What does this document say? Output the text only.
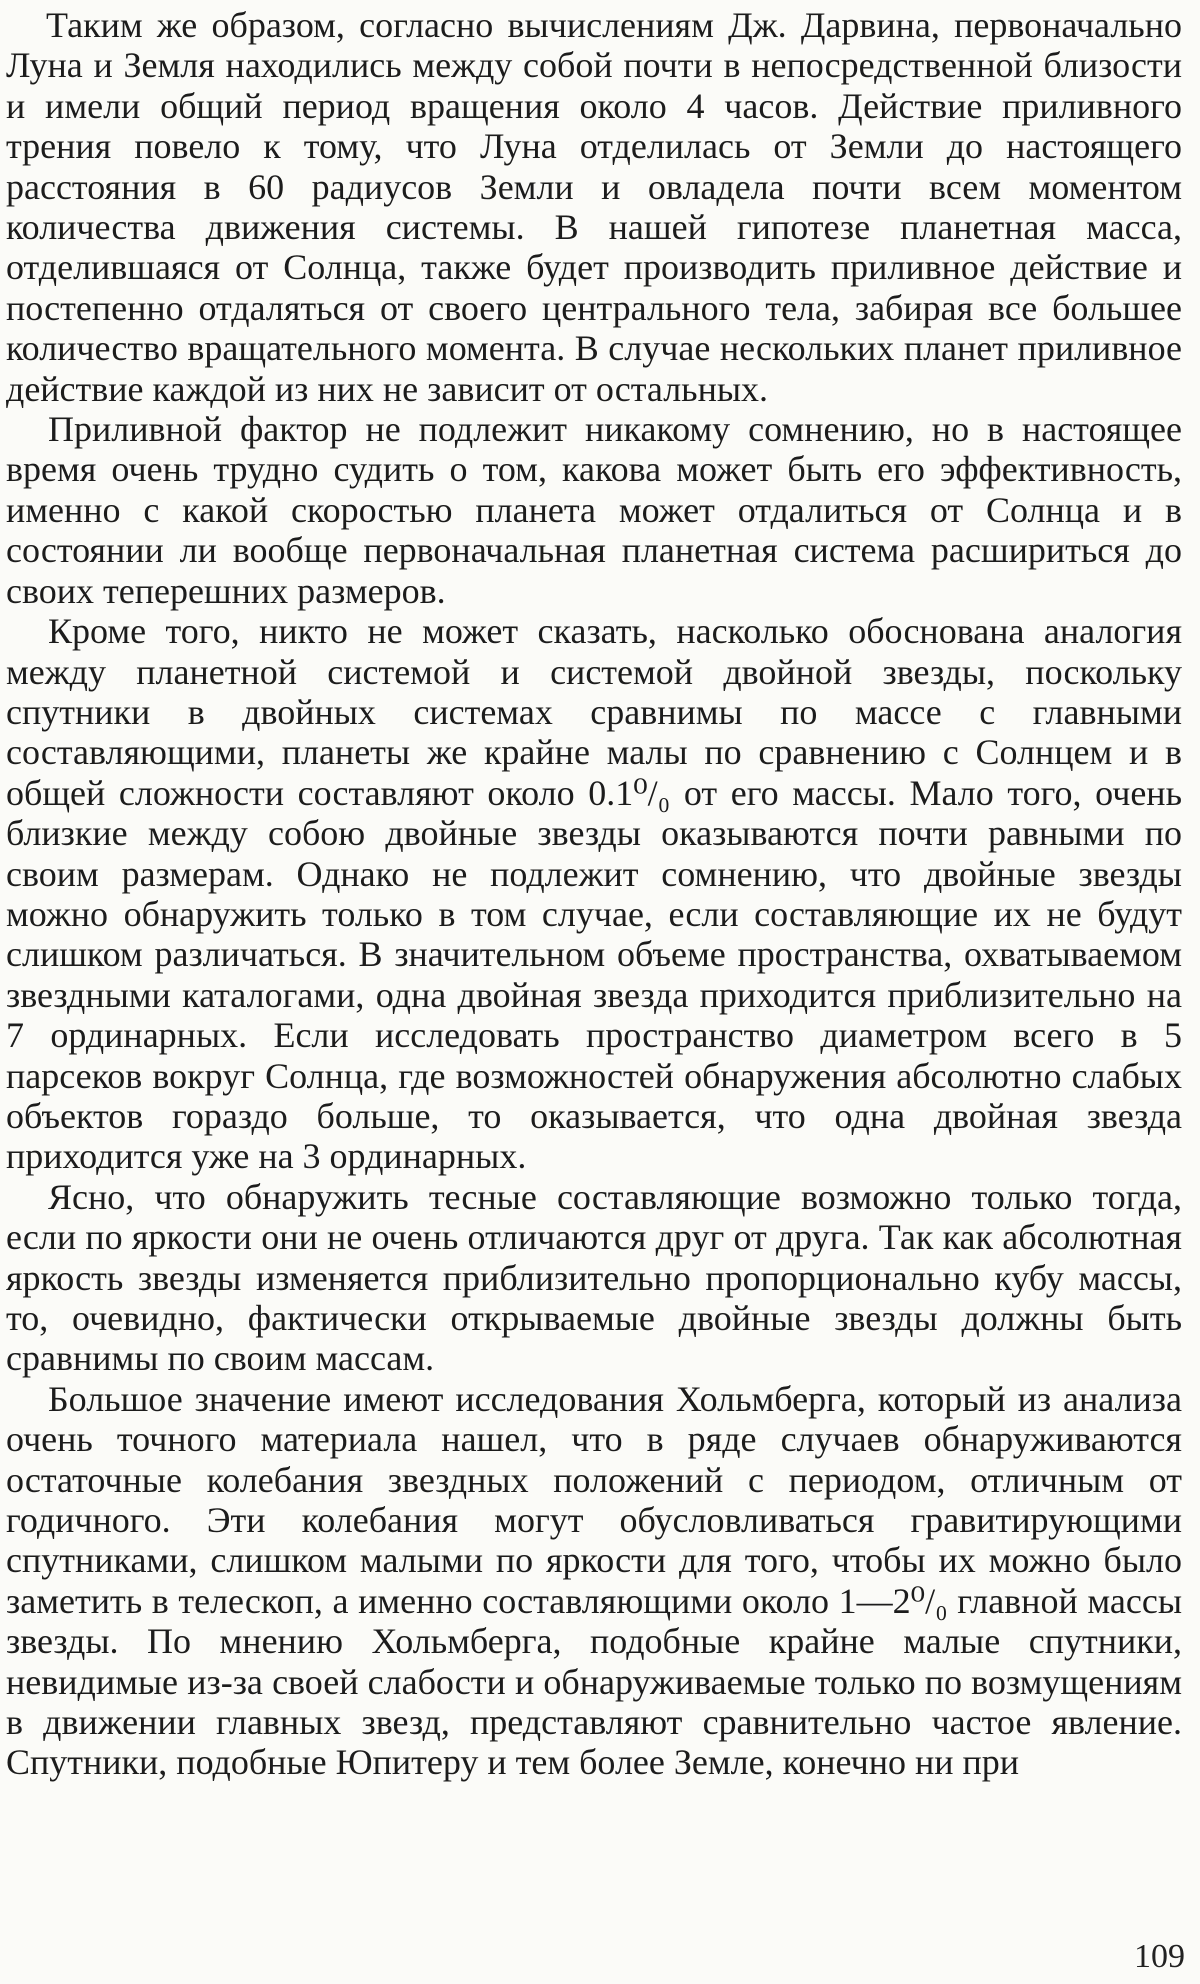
Таким же образом, согласно вычислениям Дж. Дарвина, первоначально Луна и Земля находились между собой почти в непосредственной близости и имели общий период вращения около 4 часов. Действие приливного трения повело к тому, что Луна отделилась от Земли до настоящего расстояния в 60 радиусов Земли и овладела почти всем моментом количества движения системы. В нашей гипотезе планетная масса, отделившаяся от Солнца, также будет производить приливное действие и постепенно отдаляться от своего центрального тела, забирая все большее количество вращательного момента. В случае нескольких планет приливное действие каждой из них не зависит от остальных.

Приливной фактор не подлежит никакому сомнению, но в настоящее время очень трудно судить о том, какова может быть его эффективность, именно с какой скоростью планета может отдалиться от Солнца и в состоянии ли вообще первоначальная планетная система расшириться до своих теперешних размеров.

Кроме того, никто не может сказать, насколько обоснована аналогия между планетной системой и системой двойной звезды, поскольку спутники в двойных системах сравнимы по массе с главными составляющими, планеты же крайне малы по сравнению с Солнцем и в общей сложности составляют около 0.1⁰/₀ от его массы. Мало того, очень близкие между собою двойные звезды оказываются почти равными по своим размерам. Однако не подлежит сомнению, что двойные звезды можно обнаружить только в том случае, если составляющие их не будут слишком различаться. В значительном объеме пространства, охватываемом звездными каталогами, одна двойная звезда приходится приблизительно на 7 ординарных. Если исследовать пространство диаметром всего в 5 парсеков вокруг Солнца, где возможностей обнаружения абсолютно слабых объектов гораздо больше, то оказывается, что одна двойная звезда приходится уже на 3 ординарных.

Ясно, что обнаружить тесные составляющие возможно только тогда, если по яркости они не очень отличаются друг от друга. Так как абсолютная яркость звезды изменяется приблизительно пропорционально кубу массы, то, очевидно, фактически открываемые двойные звезды должны быть сравнимы по своим массам.

Большое значение имеют исследования Хольмберга, который из анализа очень точного материала нашел, что в ряде случаев обнаруживаются остаточные колебания звездных положений с периодом, отличным от годичного. Эти колебания могут обусловливаться гравитирующими спутниками, слишком малыми по яркости для того, чтобы их можно было заметить в телескоп, а именно составляющими около 1—2⁰/₀ главной массы звезды. По мнению Хольмберга, подобные крайне малые спутники, невидимые из-за своей слабости и обнаруживаемые только по возмущениям в движении главных звезд, представляют сравнительно частое явление. Спутники, подобные Юпитеру и тем более Земле, конечно ни при

109
